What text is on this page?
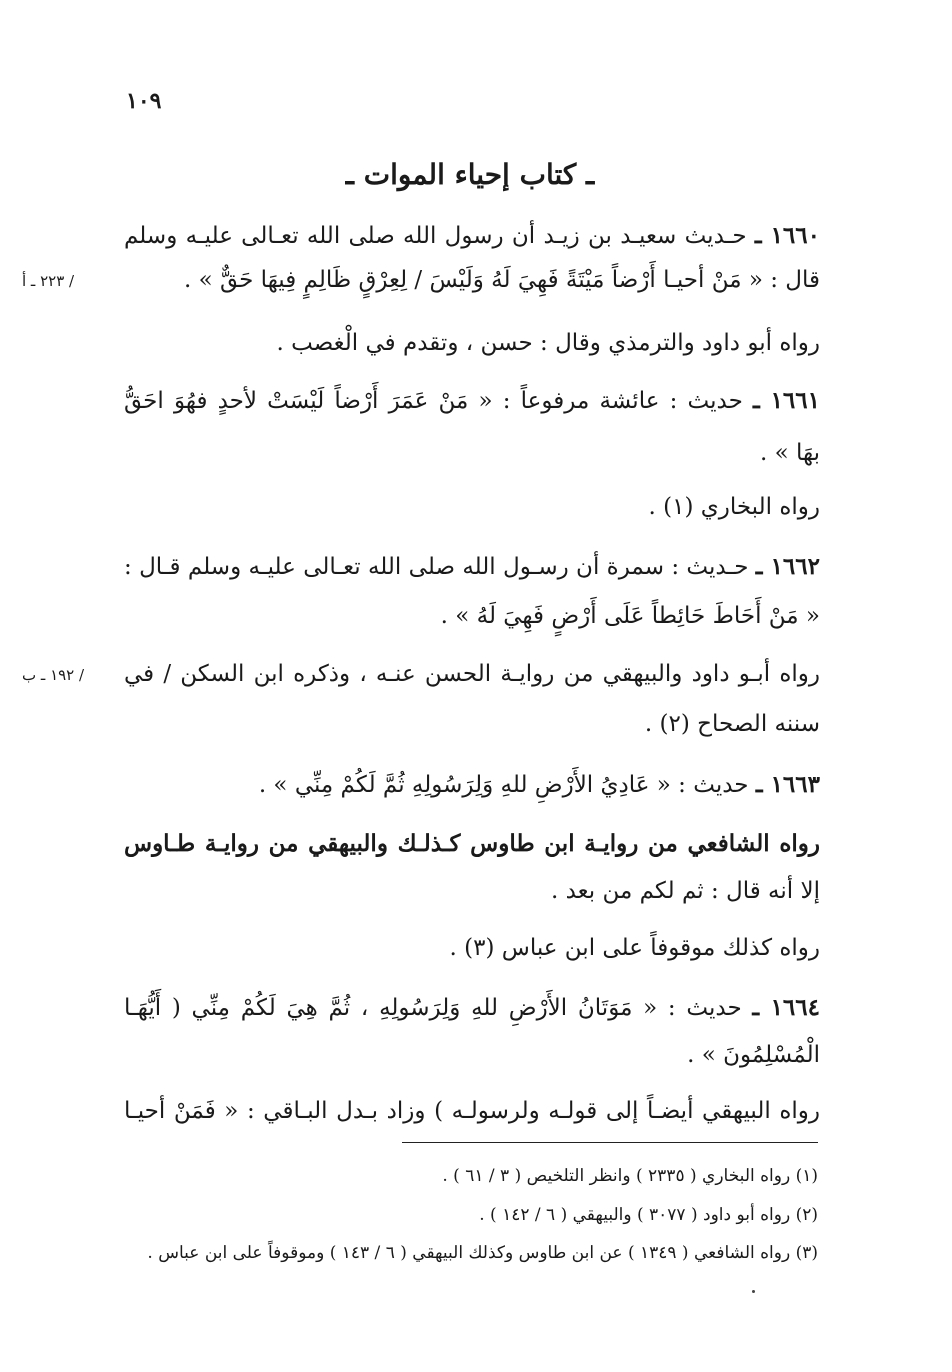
١٠٩
ـ كتاب إحياء الموات ـ
١٦٦٠ ـ حـديث سعيـد بن زيـد أن رسول الله صلى الله تعـالى عليـه وسلم
قال : « مَنْ أحيـا أَرْضاً مَيْتَةً فَهِيَ لَهُ وَلَيْسَ / لِعِرْقٍ ظَالِمٍ فِيهَا حَقٌّ » .
/ ٢٢٣ ـ أ
رواه أبو داود والترمذي وقال : حسن ، وتقدم في الْغصب .
١٦٦١ ـ حديث : عائشة مرفوعاً : « مَنْ عَمَرَ أَرْضاً لَيْسَتْ لأحدٍ فهُوَ احَقُّ
بهَا » .
رواه البخاري (١) .
١٦٦٢ ـ حـديث : سمرة أن رسـول الله صلى الله تعـالى عليـه وسلم قـال :
« مَنْ أَحَاطَ حَائِطاً عَلَى أَرْضٍ فَهِيَ لَهُ » .
رواه أبـو داود والبيهقي من روايـة الحسن عنـه ، وذكره ابن السكن / في
/ ١٩٢ ـ ب
سننه الصحاح (٢) .
١٦٦٣ ـ حديث : « عَادِيُ الأَرْضِ للهِ وَلِرَسُولِهِ ثُمَّ لَكُمْ مِنِّي » .
رواه الشافعي من روايـة ابن طاوس كـذلـك والبيهقي من روايـة طـاوس
إلا أنه قال : ثم لكم من بعد .
رواه كذلك موقوفاً على ابن عباس (٣) .
١٦٦٤ ـ حديث : « مَوَتَانُ الأَرْضِ للهِ وَلِرَسُولِهِ ، ثُمَّ هِيَ لَكُمْ مِنِّي ( أَيُّهَـا
الْمُسْلِمُونَ » .
رواه البيهقي أيضـاً إلى قولـه ولرسولـه ) وزاد بـدل البـاقي : « فَمَنْ أحيـا
(١) رواه البخاري ( ٢٣٣٥ ) وانظر التلخيص ( ٣ / ٦١ ) .
(٢) رواه أبو داود ( ٣٠٧٧ ) والبيهقي ( ٦ / ١٤٢ ) .
(٣) رواه الشافعي ( ١٣٤٩ ) عن ابن طاوس وكذلك البيهقي ( ٦ / ١٤٣ ) وموقوفاً على ابن عباس .
